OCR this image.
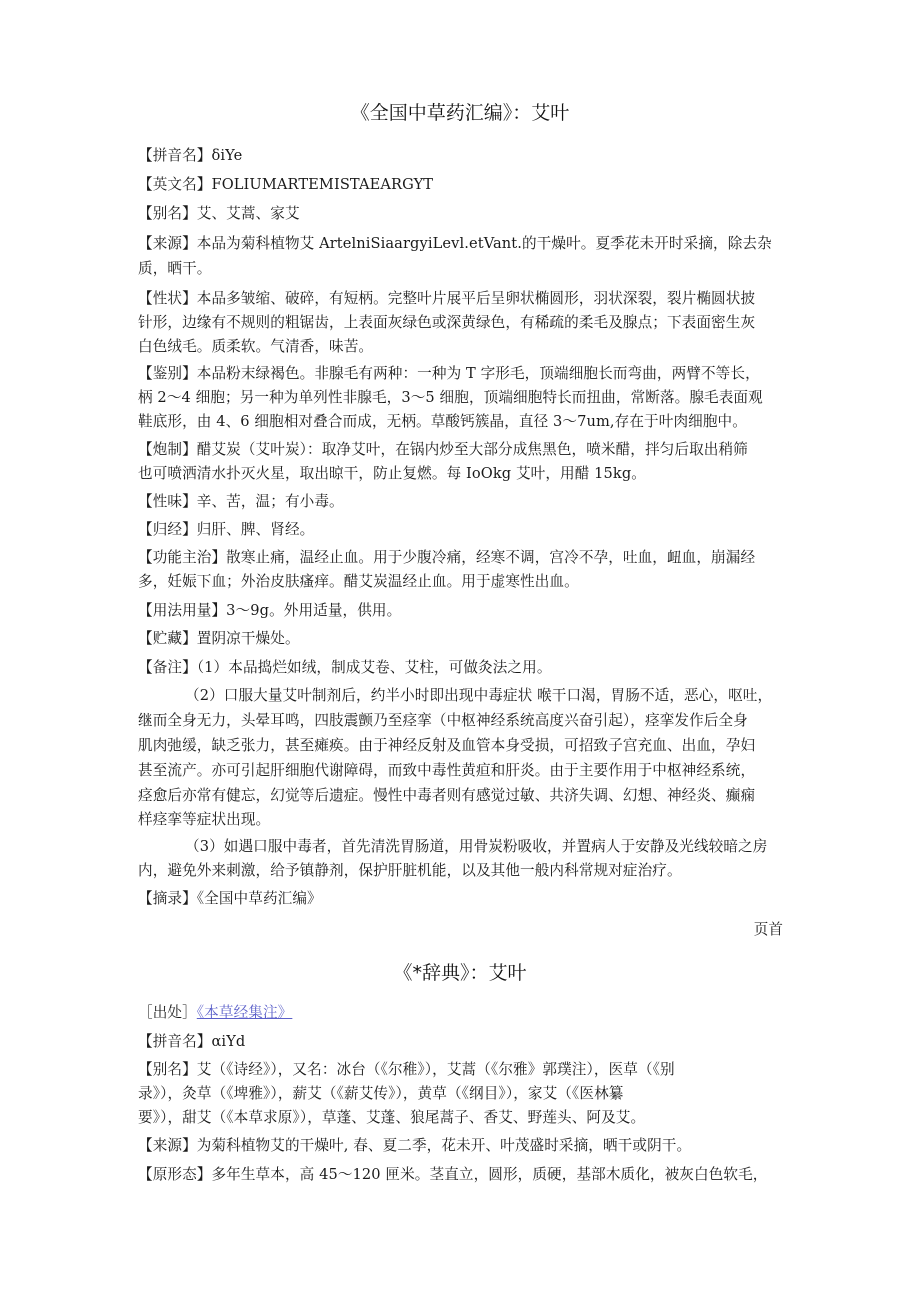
《全国中草药汇编》：艾叶
【拼音名】δiYe
【英文名】FOLIUMARTEMISTAEARGYT
【别名】艾、艾蒿、家艾
【来源】本品为菊科植物艾 ArtelniSiaargyiLevl.etVant.的干燥叶。夏季花未开时采摘，除去杂
质，晒干。
【性状】本品多皱缩、破碎，有短柄。完整叶片展平后呈卵状椭圆形，羽状深裂，裂片椭圆状披
针形，边缘有不规则的粗锯齿，上表面灰绿色或深黄绿色，有稀疏的柔毛及腺点；下表面密生灰
白色绒毛。质柔软。气清香，味苦。
【鉴别】本品粉末绿褐色。非腺毛有两种：一种为 T 字形毛，顶端细胞长而弯曲，两臂不等长，
柄 2～4 细胞；另一种为单列性非腺毛，3～5 细胞，顶端细胞特长而扭曲，常断落。腺毛表面观
鞋底形，由 4、6 细胞相对叠合而成，无柄。草酸钙簇晶，直径 3～7um,存在于叶肉细胞中。
【炮制】醋艾炭（艾叶炭）：取净艾叶，在锅内炒至大部分成焦黑色，喷米醋，拌匀后取出稍筛
也可喷洒清水扑灭火星，取出晾干，防止复燃。每 IoOkg 艾叶，用醋 15kg。
【性味】辛、苦，温；有小毒。
【归经】归肝、脾、肾经。
【功能主治】散寒止痛，温经止血。用于少腹冷痛，经寒不调，宫冷不孕，吐血，衄血，崩漏经
多，妊娠下血；外治皮肤瘙痒。醋艾炭温经止血。用于虚寒性出血。
【用法用量】3～9g。外用适量，供用。
【贮藏】置阴凉干燥处。
【备注】（1）本品捣烂如绒，制成艾卷、艾柱，可做灸法之用。
（2）口服大量艾叶制剂后，约半小时即出现中毒症状 喉干口渴，胃肠不适，恶心，呕吐，
继而全身无力，头晕耳鸣，四肢震颤乃至痉挛（中枢神经系统高度兴奋引起），痉挛发作后全身
肌肉弛缓，缺乏张力，甚至瘫痪。由于神经反射及血管本身受损，可招致子宫充血、出血，孕妇
甚至流产。亦可引起肝细胞代谢障碍，而致中毒性黄疸和肝炎。由于主要作用于中枢神经系统，
痉愈后亦常有健忘，幻觉等后遗症。慢性中毒者则有感觉过敏、共济失调、幻想、神经炎、癫痫
样痉挛等症状出现。
（3）如遇口服中毒者，首先清洗胃肠道，用骨炭粉吸收，并置病人于安静及光线较暗之房
内，避免外来刺激，给予镇静剂，保护肝脏机能，以及其他一般内科常规对症治疗。
【摘录】《全国中草药汇编》
页首
《*辞典》：艾叶
［出处］《本草经集注》
【拼音名】αiYd
【别名】艾（《诗经》），又名：冰台（《尔稚》），艾蒿（《尔雅》郭璞注），医草（《别
录》），灸草（《埤雅》），薪艾（《薪艾传》），黄草（《纲目》），家艾（《医林纂
要》），甜艾（《本草求原》），草蓬、艾蓬、狼尾蒿子、香艾、野莲头、阿及艾。
【来源】为菊科植物艾的干燥叶, 春、夏二季，花未开、叶茂盛时采摘，晒干或阴干。
【原形态】多年生草本，高 45～120 匣米。茎直立，圆形，质硬，基部木质化，被灰白色软毛，
